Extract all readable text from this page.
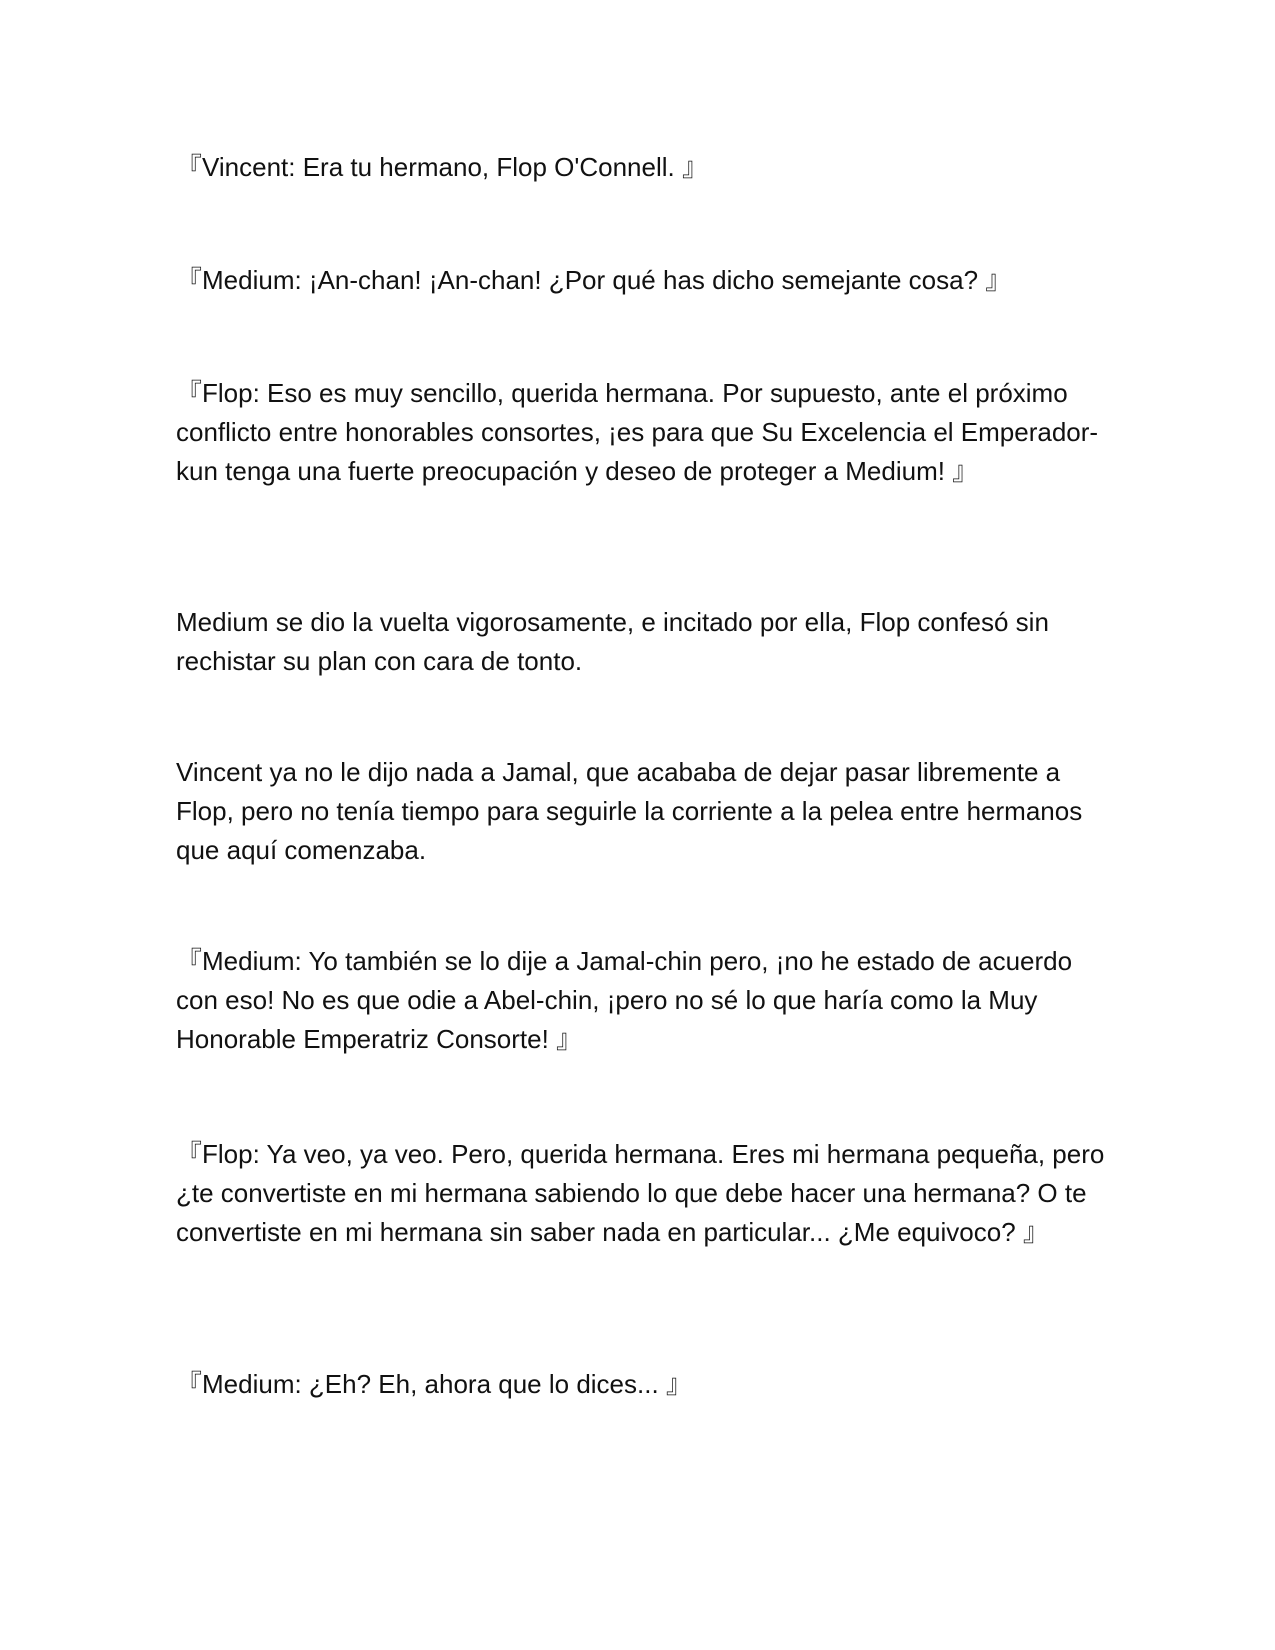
『Vincent: Era tu hermano, Flop O'Connell. 』

『Medium: ¡An-chan! ¡An-chan! ¿Por qué has dicho semejante cosa? 』

『Flop: Eso es muy sencillo, querida hermana. Por supuesto, ante el próximo conflicto entre honorables consortes, ¡es para que Su Excelencia el Emperador-kun tenga una fuerte preocupación y deseo de proteger a Medium! 』

Medium se dio la vuelta vigorosamente, e incitado por ella, Flop confesó sin rechistar su plan con cara de tonto.

Vincent ya no le dijo nada a Jamal, que acababa de dejar pasar libremente a Flop, pero no tenía tiempo para seguirle la corriente a la pelea entre hermanos que aquí comenzaba.

『Medium: Yo también se lo dije a Jamal-chin pero, ¡no he estado de acuerdo con eso! No es que odie a Abel-chin, ¡pero no sé lo que haría como la Muy Honorable Emperatriz Consorte! 』

『Flop: Ya veo, ya veo. Pero, querida hermana. Eres mi hermana pequeña, pero ¿te convertiste en mi hermana sabiendo lo que debe hacer una hermana? O te convertiste en mi hermana sin saber nada en particular... ¿Me equivoco? 』

『Medium: ¿Eh? Eh, ahora que lo dices... 』
